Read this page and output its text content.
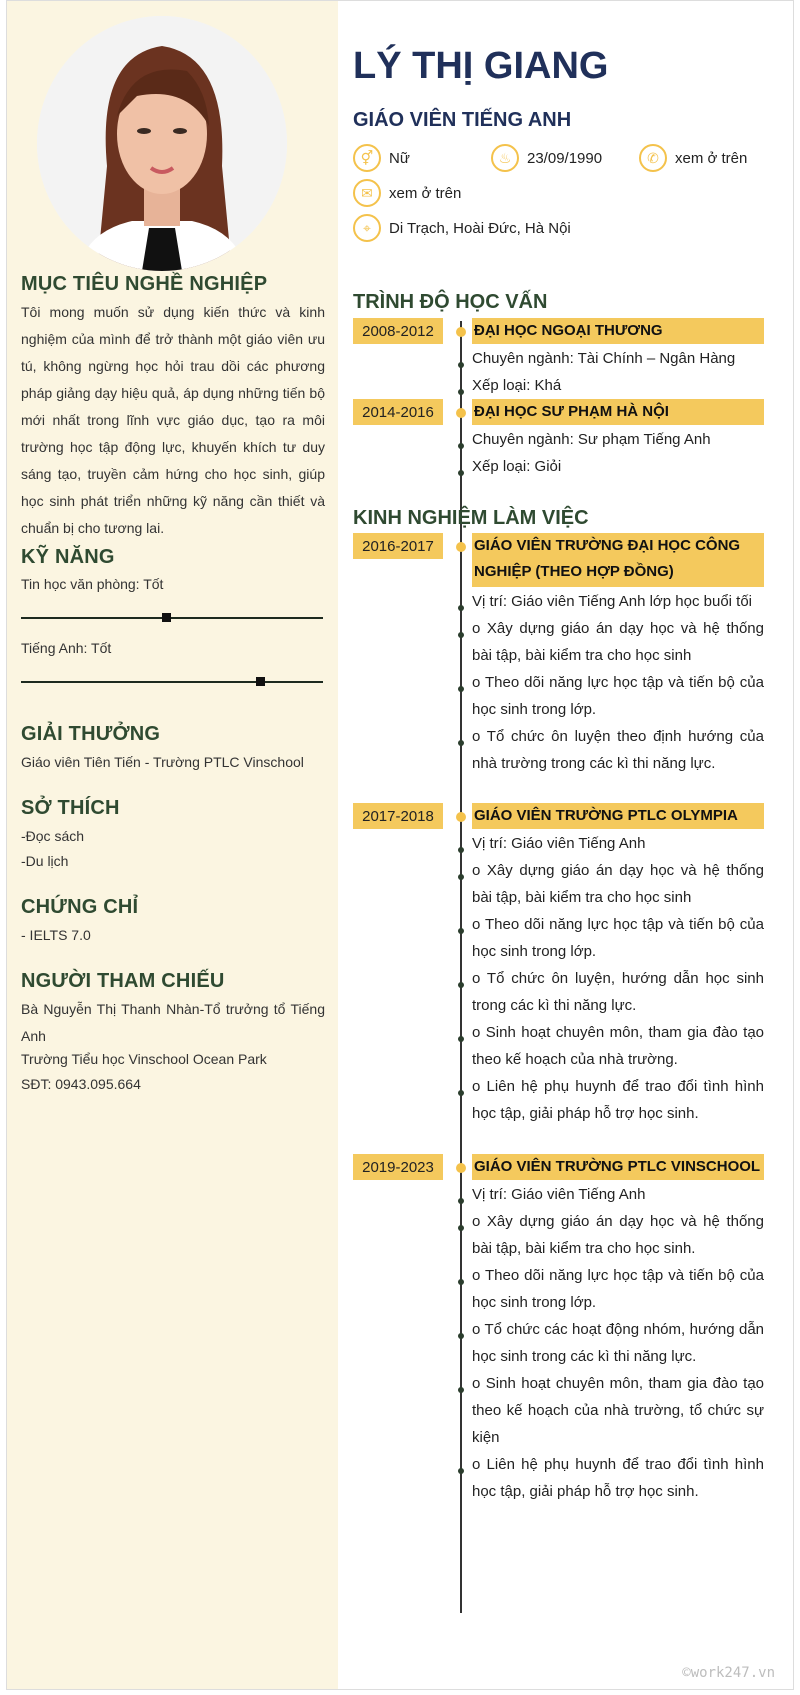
MỤC TIÊU NGHỀ NGHIỆP
Tôi mong muốn sử dụng kiến thức và kinh nghiệm của mình để trở thành một giáo viên ưu tú, không ngừng học hỏi trau dồi các phương pháp giảng dạy hiệu quả, áp dụng những tiến bộ mới nhất trong lĩnh vực giáo dục, tạo ra môi trường học tập động lực, khuyến khích tư duy sáng tạo, truyền cảm hứng cho học sinh, giúp học sinh phát triển những kỹ năng cần thiết và chuẩn bị cho tương lai.
KỸ NĂNG
Tin học văn phòng: Tốt
Tiếng Anh: Tốt
GIẢI THƯỞNG
Giáo viên Tiên Tiến - Trường PTLC Vinschool
SỞ THÍCH
-Đọc sách
-Du lịch
CHỨNG CHỈ
- IELTS 7.0
NGƯỜI THAM CHIẾU
Bà Nguyễn Thị Thanh Nhàn-Tổ trưởng tổ Tiếng Anh
Trường Tiểu học Vinschool Ocean Park
SĐT: 0943.095.664
LÝ THỊ GIANG
GIÁO VIÊN TIẾNG ANH
⚥	Nữ	♨	23/09/1990	✆	xem ở trên
✉	xem ở trên
⌖	Di Trạch, Hoài Đức, Hà Nội
TRÌNH ĐỘ HỌC VẤN
2008-2012	ĐẠI HỌC NGOẠI THƯƠNG
Chuyên ngành: Tài Chính – Ngân Hàng
Xếp loại: Khá
2014-2016	ĐẠI HỌC SƯ PHẠM HÀ NỘI
Chuyên ngành: Sư phạm Tiếng Anh
Xếp loại: Giỏi
KINH NGHIỆM LÀM VIỆC
2016-2017	GIÁO VIÊN TRƯỜNG ĐẠI HỌC CÔNG NGHIỆP (THEO HỢP ĐỒNG)
Vị trí: Giáo viên Tiếng Anh lớp học buổi tối
o Xây dựng giáo án dạy học và hệ thống bài tập, bài kiểm tra cho học sinh
o Theo dõi năng lực học tập và tiến bộ của học sinh trong lớp.
o Tổ chức ôn luyện theo định hướng của nhà trường trong các kì thi năng lực.
2017-2018	GIÁO VIÊN TRƯỜNG PTLC OLYMPIA
Vị trí: Giáo viên Tiếng Anh
o Xây dựng giáo án dạy học và hệ thống bài tập, bài kiểm tra cho học sinh
o Theo dõi năng lực học tập và tiến bộ của học sinh trong lớp.
o Tổ chức ôn luyện, hướng dẫn học sinh trong các kì thi năng lực.
o Sinh hoạt chuyên môn, tham gia đào tạo theo kế hoạch của nhà trường.
o Liên hệ phụ huynh để trao đổi tình hình học tập, giải pháp hỗ trợ học sinh.
2019-2023	GIÁO VIÊN TRƯỜNG PTLC VINSCHOOL
Vị trí: Giáo viên Tiếng Anh
o Xây dựng giáo án dạy học và hệ thống bài tập, bài kiểm tra cho học sinh.
o Theo dõi năng lực học tập và tiến bộ của học sinh trong lớp.
o Tổ chức các hoạt động nhóm, hướng dẫn học sinh trong các kì thi năng lực.
o Sinh hoạt chuyên môn, tham gia đào tạo theo kế hoạch của nhà trường, tổ chức sự kiện
o Liên hệ phụ huynh để trao đổi tình hình học tập, giải pháp hỗ trợ học sinh.
©work247.vn
